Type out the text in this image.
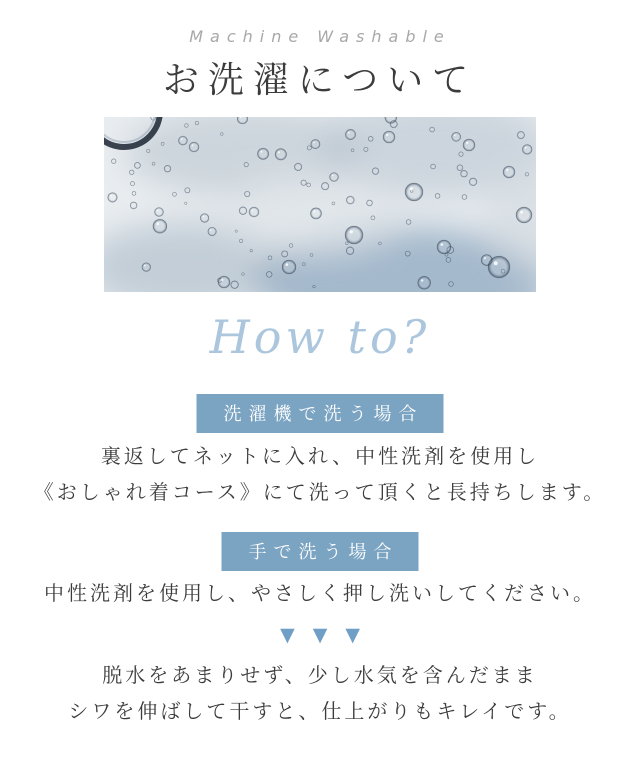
Machine Washable
お洗濯について
How to?
洗濯機で洗う場合
裏返してネットに入れ、中性洗剤を使用し
《おしゃれ着コース》にて洗って頂くと長持ちします。
手で洗う場合
中性洗剤を使用し、やさしく押し洗いしてください。
▼ ▼ ▼
脱水をあまりせず、少し水気を含んだまま
シワを伸ばして干すと、仕上がりもキレイです。
